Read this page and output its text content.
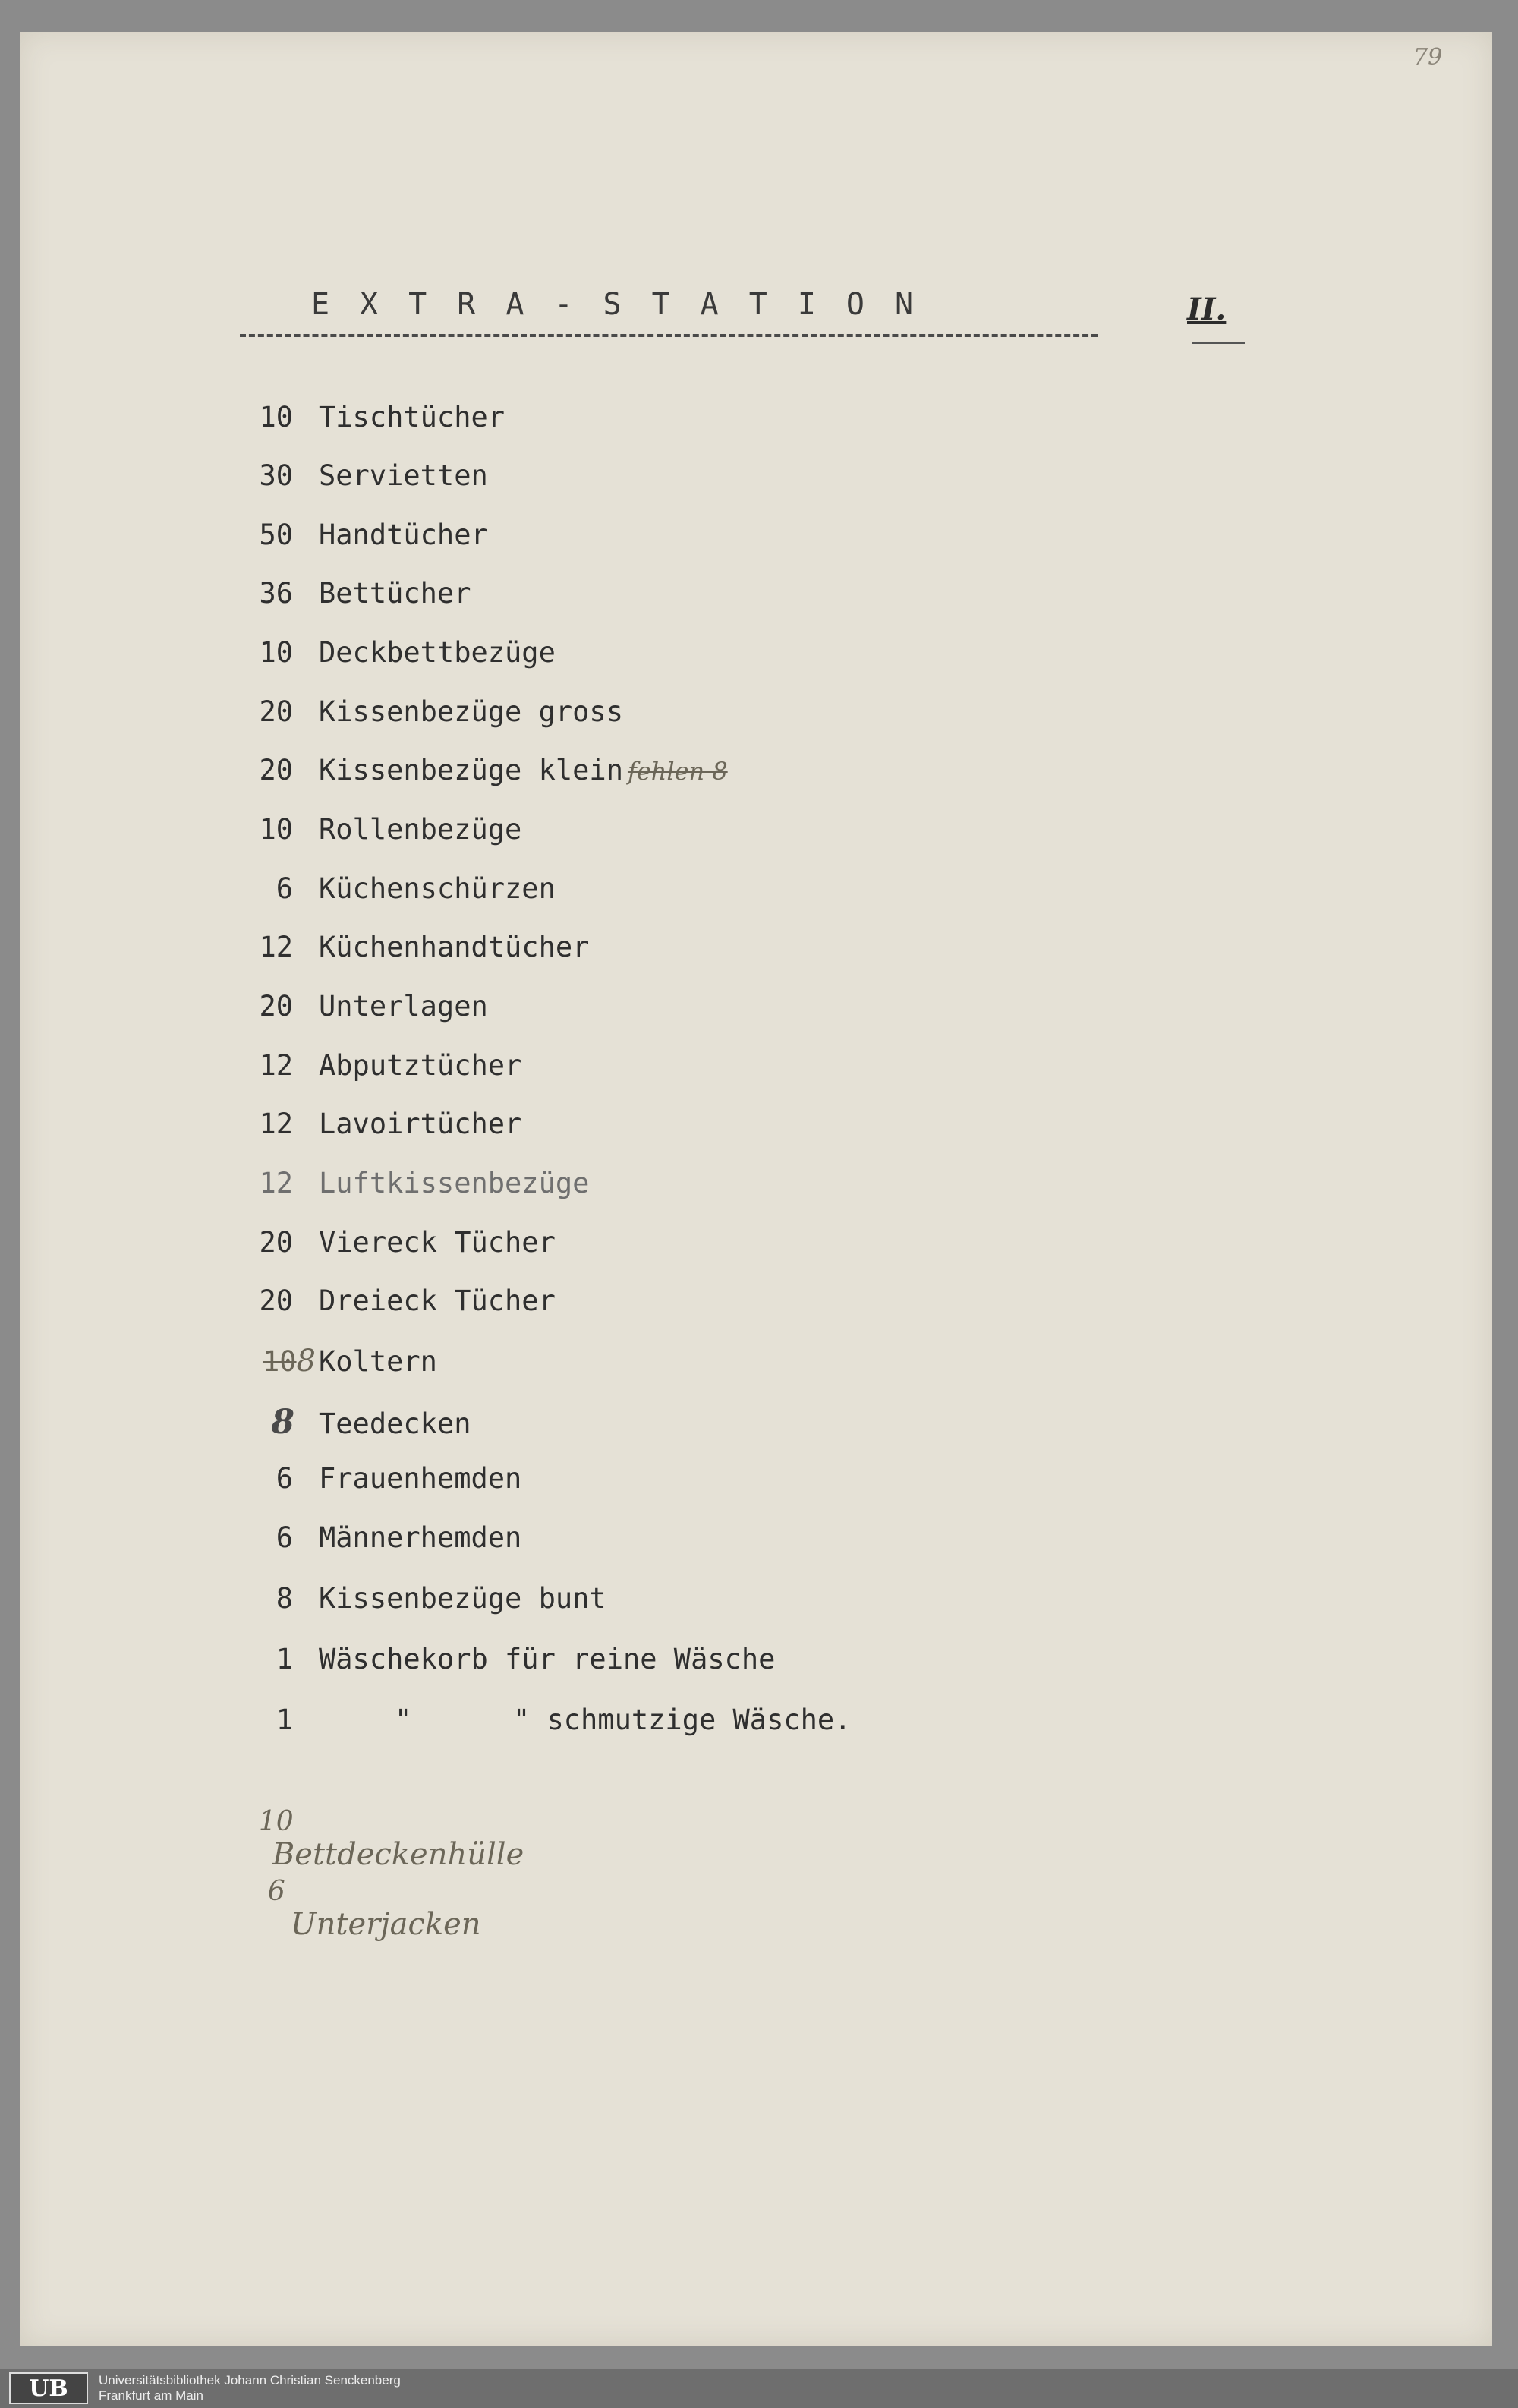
79
EXTRA-STATION	II.
10 Tischtücher
30 Servietten
50 Handtücher
36 Bettücher
10 Deckbettbezüge
20 Kissenbezüge gross
20 Kissenbezüge klein fehlen 8
10 Rollenbezüge
6 Küchenschürzen
12 Küchenhandtücher
20 Unterlagen
12 Abputztücher
12 Lavoirtücher
12 Luftkissenbezüge
20 Viereck Tücher
20 Dreieck Tücher
108 Koltern
8 Teedecken
6 Frauenhemden
6 Männerhemden
8 Kissenbezüge bunt
1 Wäschekorb für reine Wäsche
1	"      " schmutzige Wäsche.

10
Bettdeckenhülle

6
Unterjacken

UB	Universitätsbibliothek Johann Christian Senckenberg
Frankfurt am Main
